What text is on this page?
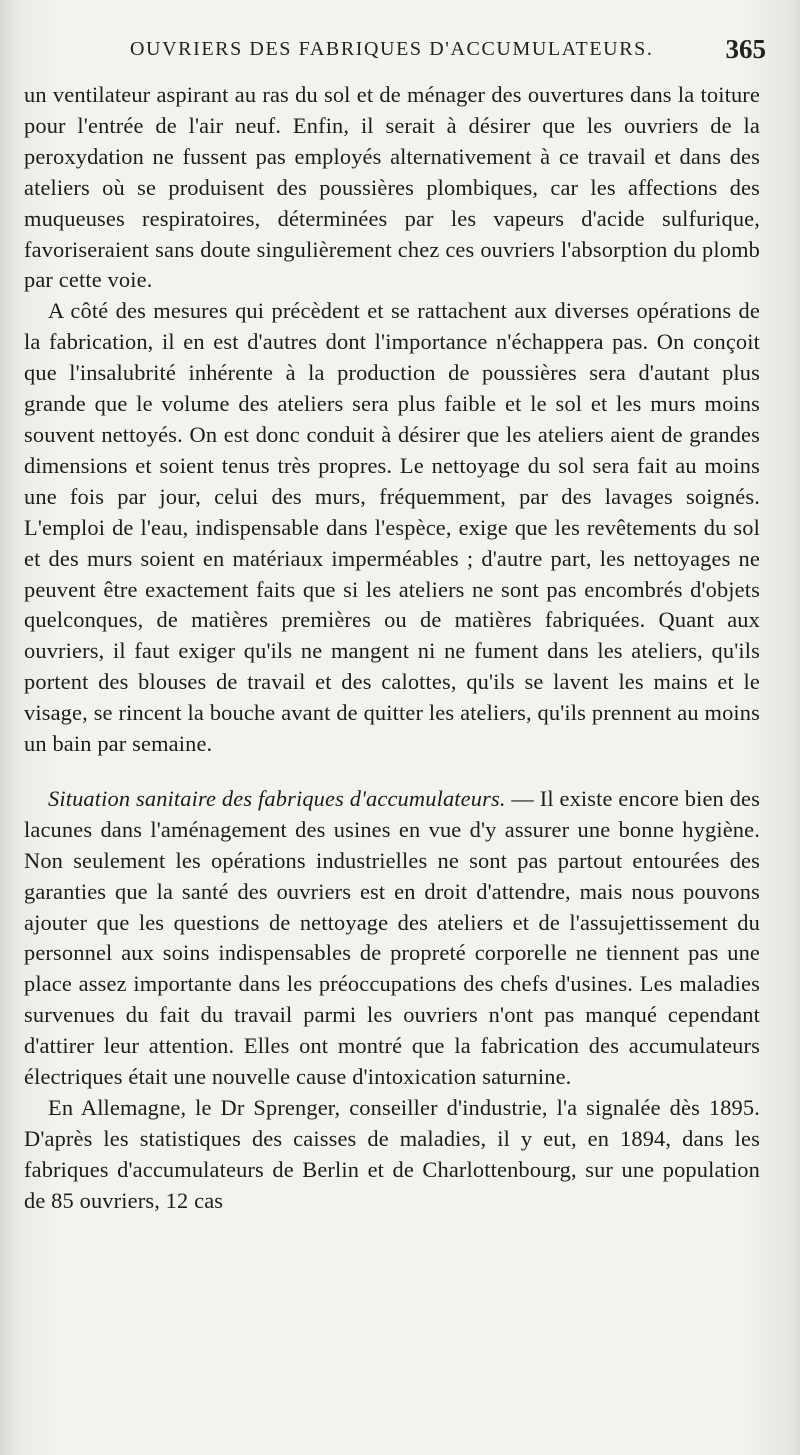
OUVRIERS DES FABRIQUES D'ACCUMULATEURS.	365

un ventilateur aspirant au ras du sol et de ménager des ouvertures dans la toiture pour l'entrée de l'air neuf. Enfin, il serait à désirer que les ouvriers de la peroxydation ne fussent pas employés alternativement à ce travail et dans des ateliers où se produisent des poussières plombiques, car les affections des muqueuses respiratoires, déterminées par les vapeurs d'acide sulfurique, favoriseraient sans doute singulièrement chez ces ouvriers l'absorption du plomb par cette voie.

A côté des mesures qui précèdent et se rattachent aux diverses opérations de la fabrication, il en est d'autres dont l'importance n'échappera pas. On conçoit que l'insalubrité inhérente à la production de poussières sera d'autant plus grande que le volume des ateliers sera plus faible et le sol et les murs moins souvent nettoyés. On est donc conduit à désirer que les ateliers aient de grandes dimensions et soient tenus très propres. Le nettoyage du sol sera fait au moins une fois par jour, celui des murs, fréquemment, par des lavages soignés. L'emploi de l'eau, indispensable dans l'espèce, exige que les revêtements du sol et des murs soient en matériaux imperméables ; d'autre part, les nettoyages ne peuvent être exactement faits que si les ateliers ne sont pas encombrés d'objets quelconques, de matières premières ou de matières fabriquées. Quant aux ouvriers, il faut exiger qu'ils ne mangent ni ne fument dans les ateliers, qu'ils portent des blouses de travail et des calottes, qu'ils se lavent les mains et le visage, se rincent la bouche avant de quitter les ateliers, qu'ils prennent au moins un bain par semaine.

Situation sanitaire des fabriques d'accumulateurs. — Il existe encore bien des lacunes dans l'aménagement des usines en vue d'y assurer une bonne hygiène. Non seulement les opérations industrielles ne sont pas partout entourées des garanties que la santé des ouvriers est en droit d'attendre, mais nous pouvons ajouter que les questions de nettoyage des ateliers et de l'assujettissement du personnel aux soins indispensables de propreté corporelle ne tiennent pas une place assez importante dans les préoccupations des chefs d'usines. Les maladies survenues du fait du travail parmi les ouvriers n'ont pas manqué cependant d'attirer leur attention. Elles ont montré que la fabrication des accumulateurs électriques était une nouvelle cause d'intoxication saturnine.

En Allemagne, le Dr Sprenger, conseiller d'industrie, l'a signalée dès 1895. D'après les statistiques des caisses de maladies, il y eut, en 1894, dans les fabriques d'accumulateurs de Berlin et de Charlottenbourg, sur une population de 85 ouvriers, 12 cas
